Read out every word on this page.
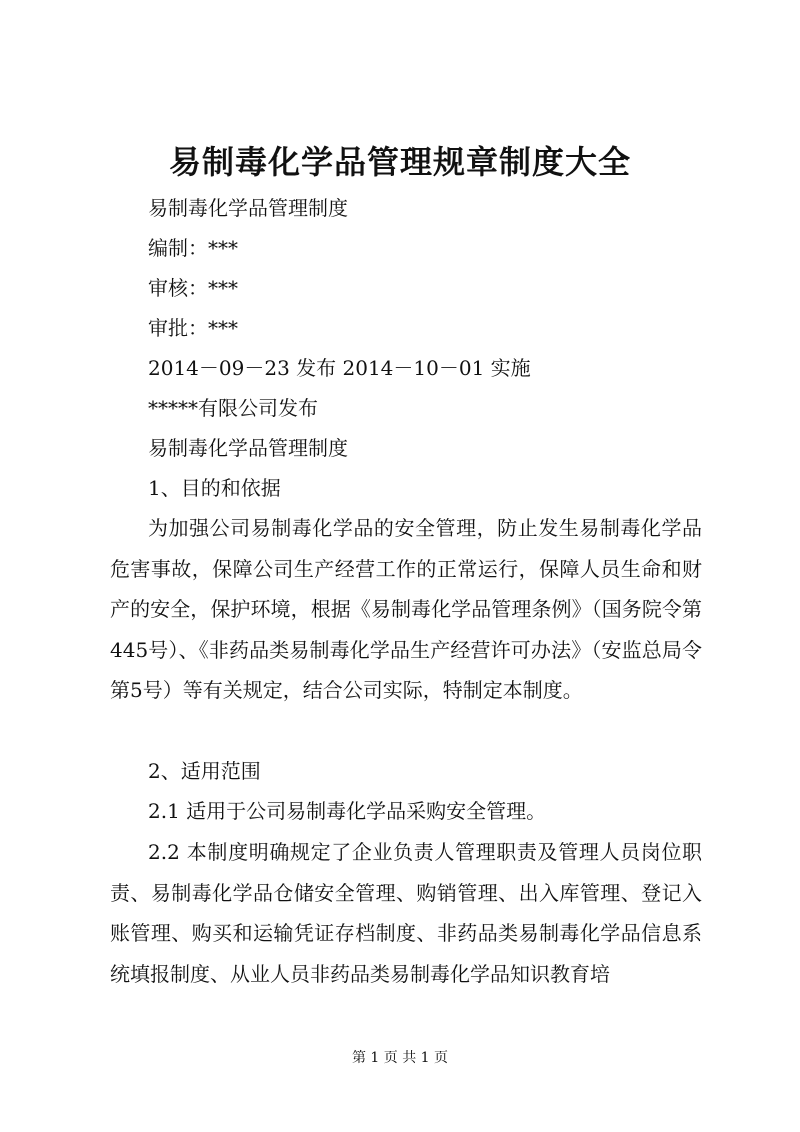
易制毒化学品管理规章制度大全

易制毒化学品管理制度

编制：***

审核：***

审批：***

2014－09－23 发布 2014－10－01 实施

*****有限公司发布

易制毒化学品管理制度

1、目的和依据

为加强公司易制毒化学品的安全管理，防止发生易制毒化学品危害事故，保障公司生产经营工作的正常运行，保障人员生命和财产的安全，保护环境，根据《易制毒化学品管理条例》（国务院令第445号）、《非药品类易制毒化学品生产经营许可办法》（安监总局令第5号）等有关规定，结合公司实际，特制定本制度。

2、适用范围

2.1 适用于公司易制毒化学品采购安全管理。

2.2 本制度明确规定了企业负责人管理职责及管理人员岗位职责、易制毒化学品仓储安全管理、购销管理、出入库管理、登记入账管理、购买和运输凭证存档制度、非药品类易制毒化学品信息系统填报制度、从业人员非药品类易制毒化学品知识教育培

第 1 页 共 1 页
